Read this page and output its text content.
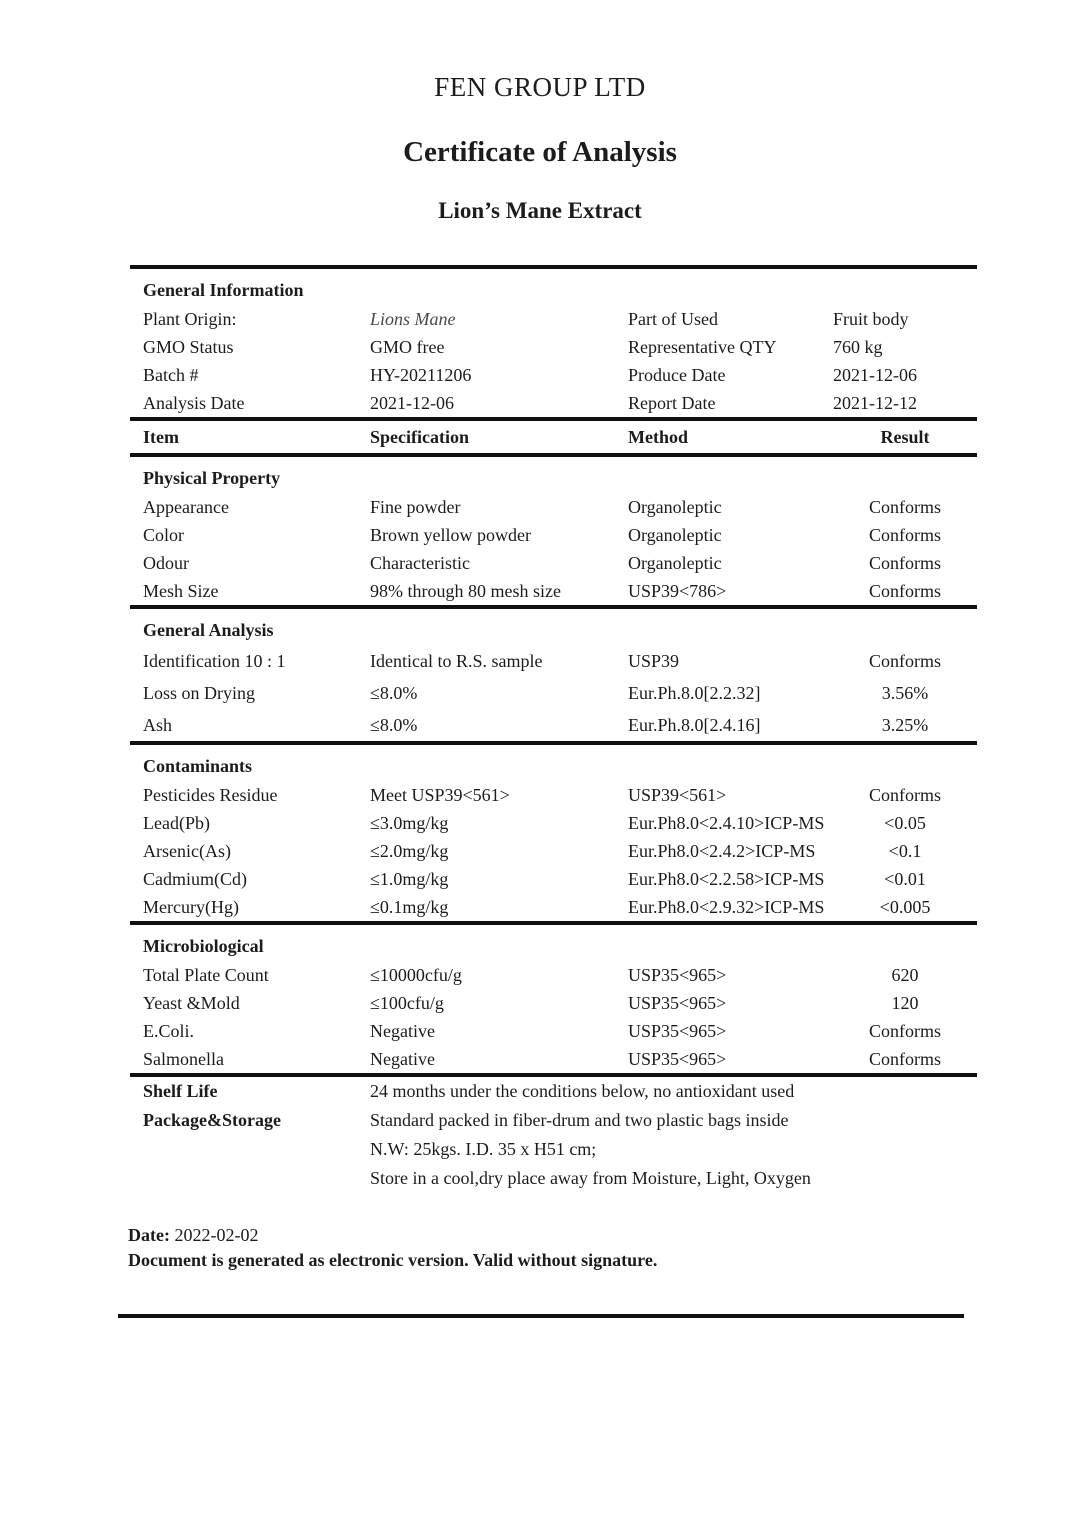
FEN GROUP LTD
Certificate of Analysis
Lion’s Mane Extract
General Information
Plant Origin:	Lions Mane	Part of Used	Fruit body
GMO Status	GMO free	Representative QTY	760 kg
Batch #	HY-20211206	Produce Date	2021-12-06
Analysis Date	2021-12-06	Report Date	2021-12-12
Item	Specification	Method	Result
Physical Property
Appearance	Fine powder	Organoleptic	Conforms
Color	Brown yellow powder	Organoleptic	Conforms
Odour	Characteristic	Organoleptic	Conforms
Mesh Size	98% through 80 mesh size	USP39<786>	Conforms
General Analysis
Identification 10 : 1	Identical to R.S. sample	USP39	Conforms
Loss on Drying	≤8.0%	Eur.Ph.8.0[2.2.32]	3.56%
Ash	≤8.0%	Eur.Ph.8.0[2.4.16]	3.25%
Contaminants
Pesticides Residue	Meet USP39<561>	USP39<561>	Conforms
Lead(Pb)	≤3.0mg/kg	Eur.Ph8.0<2.4.10>ICP-MS	<0.05
Arsenic(As)	≤2.0mg/kg	Eur.Ph8.0<2.4.2>ICP-MS	<0.1
Cadmium(Cd)	≤1.0mg/kg	Eur.Ph8.0<2.2.58>ICP-MS	<0.01
Mercury(Hg)	≤0.1mg/kg	Eur.Ph8.0<2.9.32>ICP-MS	<0.005
Microbiological
Total Plate Count	≤10000cfu/g	USP35<965>	620
Yeast &Mold	≤100cfu/g	USP35<965>	120
E.Coli.	Negative	USP35<965>	Conforms
Salmonella	Negative	USP35<965>	Conforms
Shelf Life	24 months under the conditions below, no antioxidant used
Package&Storage	Standard packed in fiber-drum and two plastic bags inside
N.W: 25kgs. I.D. 35 x H51 cm;
Store in a cool,dry place away from Moisture, Light, Oxygen
Date: 2022-02-02
Document is generated as electronic version. Valid without signature.
